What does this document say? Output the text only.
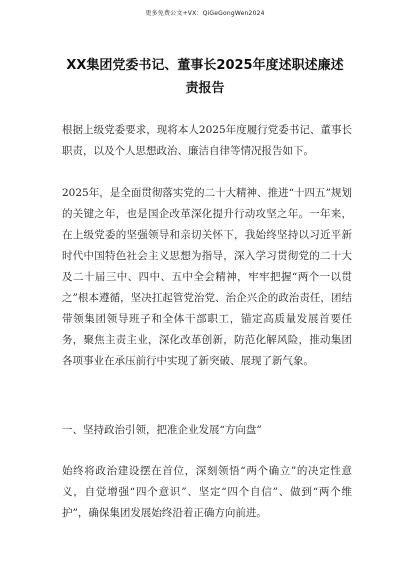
更多免费公文+VX：QiGeGongWen2024
XX集团党委书记、董事长2025年度述职述廉述责报告
根据上级党委要求，现将本人2025年度履行党委书记、董事长职责，以及个人思想政治、廉洁自律等情况报告如下。
2025年，是全面贯彻落实党的二十大精神、推进“十四五”规划的关键之年，也是国企改革深化提升行动攻坚之年。一年来，在上级党委的坚强领导和亲切关怀下，我始终坚持以习近平新时代中国特色社会主义思想为指导，深入学习贯彻党的二十大及二十届三中、四中、五中全会精神，牢牢把握“两个一以贯之”根本遵循，坚决扛起管党治党、治企兴企的政治责任，团结带领集团领导班子和全体干部职工，锚定高质量发展首要任务，聚焦主责主业，深化改革创新，防范化解风险，推动集团各项事业在承压前行中实现了新突破、展现了新气象。
一、坚持政治引领，把准企业发展“方向盘”
始终将政治建设摆在首位，深刻领悟“两个确立”的决定性意义，自觉增强“四个意识”、坚定“四个自信”、做到“两个维护”，确保集团发展始终沿着正确方向前进。
